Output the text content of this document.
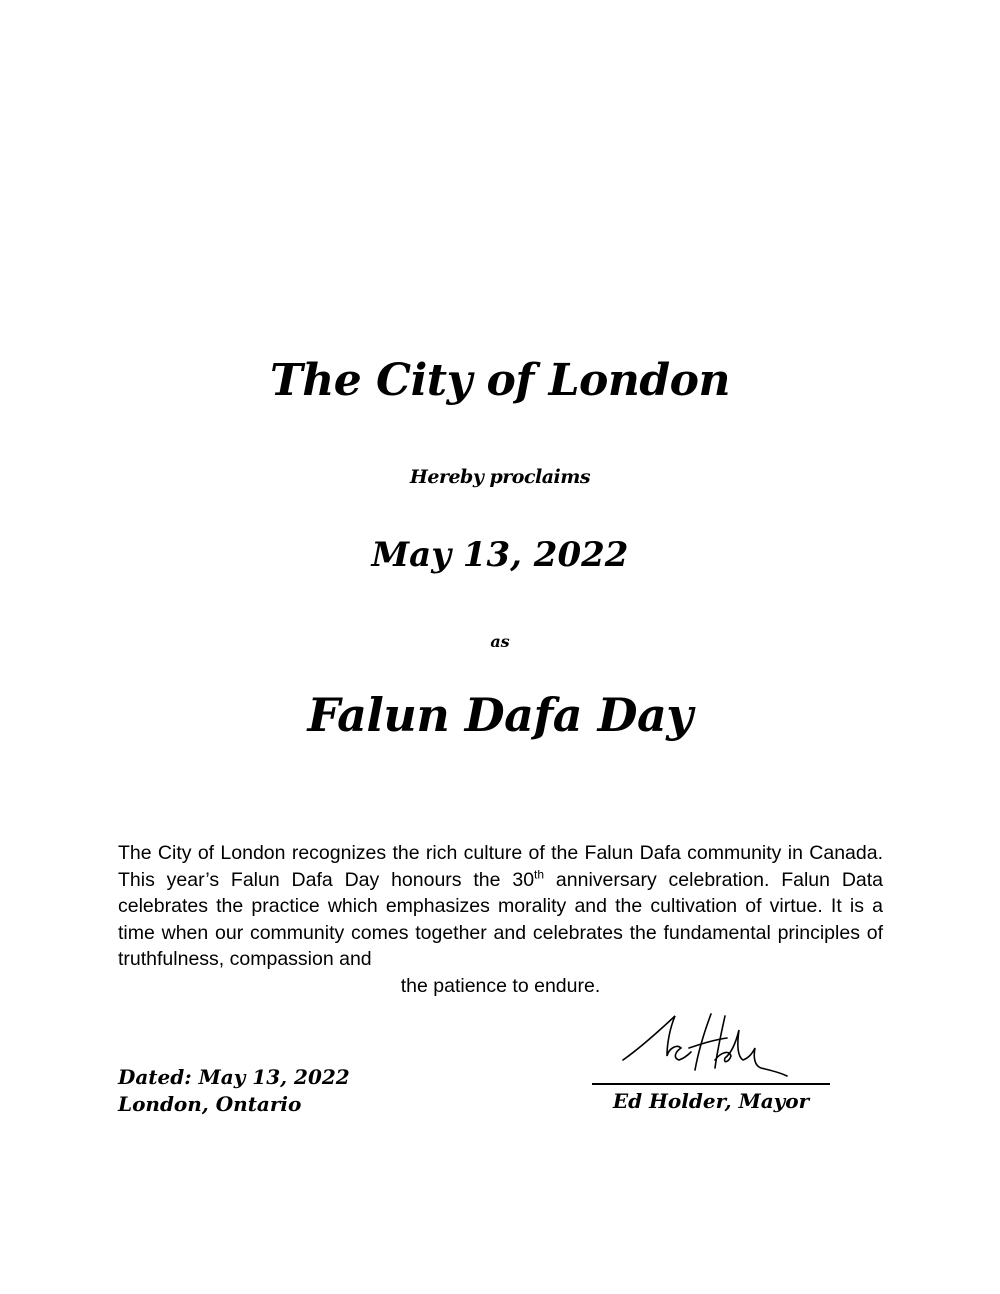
The City of London
Hereby proclaims
May 13, 2022
as
Falun Dafa Day
The City of London recognizes the rich culture of the Falun Dafa community in Canada. This year’s Falun Dafa Day honours the 30th anniversary celebration. Falun Data celebrates the practice which emphasizes morality and the cultivation of virtue. It is a time when our community comes together and celebrates the fundamental principles of truthfulness, compassion and
the patience to endure.
Dated: May 13, 2022
London, Ontario	Ed Holder, Mayor
